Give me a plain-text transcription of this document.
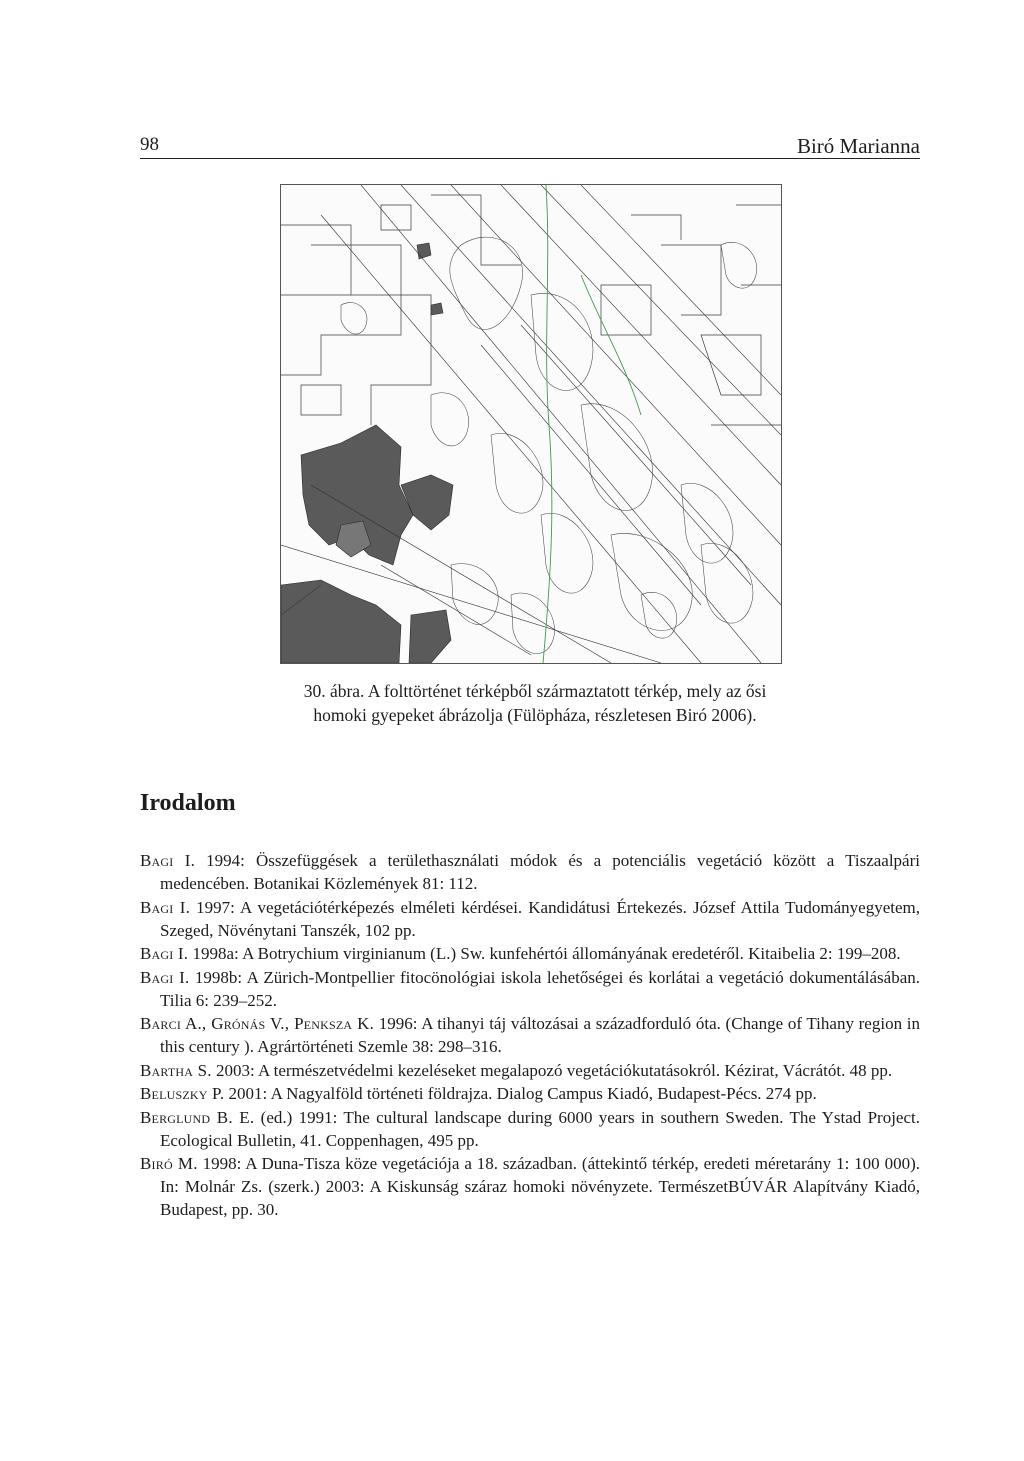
98	Biró Marianna
30. ábra. A folttörténet térképből származtatott térkép, mely az ősi homoki gyepeket ábrázolja (Fülöpháza, részletesen Biró 2006).
Irodalom
Bagi I. 1994: Összefüggések a területhasználati módok és a potenciális vegetáció között a Tiszaalpári medencében. Botanikai Közlemények 81: 112.
Bagi I. 1997: A vegetációtérképezés elméleti kérdései. Kandidátusi Értekezés. József Attila Tudományegyetem, Szeged, Növénytani Tanszék, 102 pp.
Bagi I. 1998a: A Botrychium virginianum (L.) Sw. kunfehértói állományának eredetéről. Kitaibelia 2: 199–208.
Bagi I. 1998b: A Zürich-Montpellier fitocönológiai iskola lehetőségei és korlátai a vegetáció dokumentálásában. Tilia 6: 239–252.
Barci A., Grónás V., Penksza K. 1996: A tihanyi táj változásai a századforduló óta. (Change of Tihany region in this century ). Agrártörténeti Szemle 38: 298–316.
Bartha S. 2003: A természetvédelmi kezeléseket megalapozó vegetációkutatásokról. Kézirat, Vácrátót. 48 pp.
Beluszky P. 2001: A Nagyalföld történeti földrajza. Dialog Campus Kiadó, Budapest-Pécs. 274 pp.
Berglund B. E. (ed.) 1991: The cultural landscape during 6000 years in southern Sweden. The Ystad Project. Ecological Bulletin, 41. Coppenhagen, 495 pp.
Biró M. 1998: A Duna-Tisza köze vegetációja a 18. században. (áttekintő térkép, eredeti méretarány 1: 100 000). In: Molnár Zs. (szerk.) 2003: A Kiskunság száraz homoki növényzete. TermészetBÚVÁR Alapítvány Kiadó, Budapest, pp. 30.
